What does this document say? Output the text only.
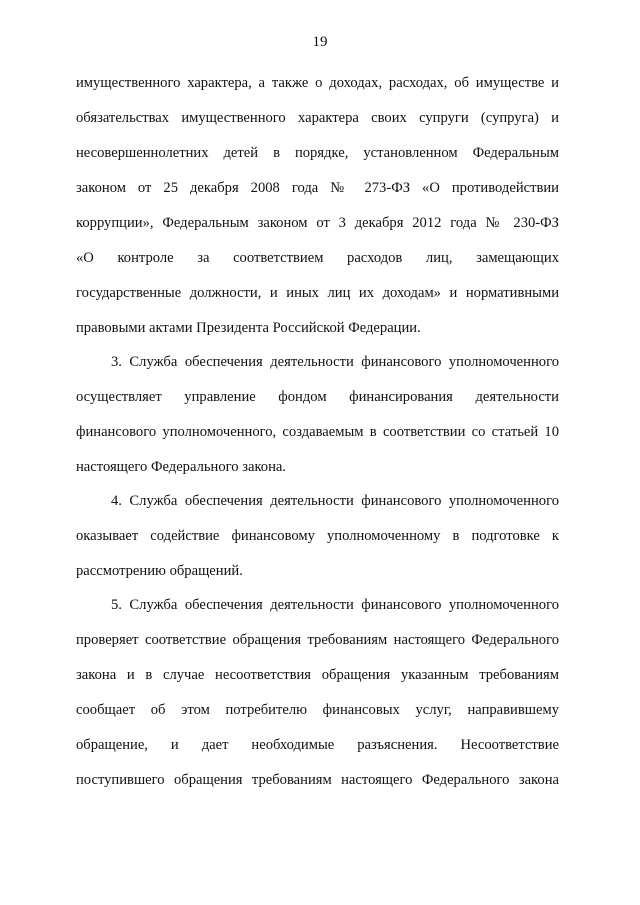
19
имущественного характера, а также о доходах, расходах, об имуществе и
обязательствах имущественного характера своих супруги (супруга) и
несовершеннолетних детей в порядке, установленном Федеральным
законом от 25 декабря 2008 года № 273-ФЗ «О противодействии
коррупции», Федеральным законом от 3 декабря 2012 года № 230-ФЗ
«О контроле за соответствием расходов лиц, замещающих
государственные должности, и иных лиц их доходам» и нормативными
правовыми актами Президента Российской Федерации.
3. Служба обеспечения деятельности финансового уполномоченного
осуществляет управление фондом финансирования деятельности
финансового уполномоченного, создаваемым в соответствии со статьей 10
настоящего Федерального закона.
4. Служба обеспечения деятельности финансового уполномоченного
оказывает содействие финансовому уполномоченному в подготовке к
рассмотрению обращений.
5. Служба обеспечения деятельности финансового уполномоченного
проверяет соответствие обращения требованиям настоящего Федерального
закона и в случае несоответствия обращения указанным требованиям
сообщает об этом потребителю финансовых услуг, направившему
обращение, и дает необходимые разъяснения. Несоответствие
поступившего обращения требованиям настоящего Федерального закона
